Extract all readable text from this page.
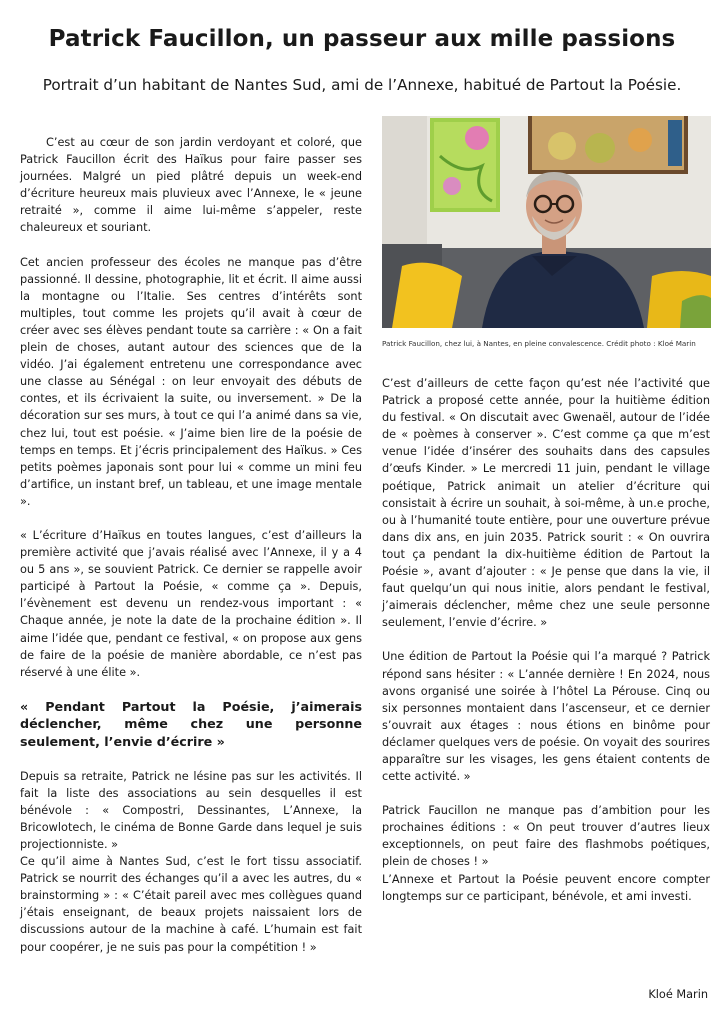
Patrick Faucillon, un passeur aux mille passions

Portrait d’un habitant de Nantes Sud, ami de l’Annexe, habitué de Partout la Poésie.

C’est au cœur de son jardin verdoyant et coloré, que Patrick Faucillon écrit des Haïkus pour faire passer ses journées. Malgré un pied plâtré depuis un week-end d’écriture heureux mais pluvieux avec l’Annexe, le « jeune retraité », comme il aime lui-même s’appeler, reste chaleureux et souriant.

Cet ancien professeur des écoles ne manque pas d’être passionné. Il dessine, photographie, lit et écrit. Il aime aussi la montagne ou l’Italie. Ses centres d’intérêts sont multiples, tout comme les projets qu’il avait à cœur de créer avec ses élèves pendant toute sa carrière : « On a fait plein de choses, autant autour des sciences que de la vidéo. J’ai également entretenu une correspondance avec une classe au Sénégal : on leur envoyait des débuts de contes, et ils écrivaient la suite, ou inversement. » De la décoration sur ses murs, à tout ce qui l’a animé dans sa vie, chez lui, tout est poésie. « J’aime bien lire de la poésie de temps en temps. Et j’écris principalement des Haïkus. » Ces petits poèmes japonais sont pour lui « comme un mini feu d’artifice, un instant bref, un tableau, et une image mentale ».

« L’écriture d’Haïkus en toutes langues, c’est d’ailleurs la première activité que j’avais réalisé avec l’Annexe, il y a 4 ou 5 ans », se souvient Patrick. Ce dernier se rappelle avoir participé à Partout la Poésie, « comme ça ». Depuis, l’évènement est devenu un rendez-vous important : « Chaque année, je note la date de la prochaine édition ». Il aime l’idée que, pendant ce festival, « on propose aux gens de faire de la poésie de manière abordable, ce n’est pas réservé à une élite ».

« Pendant Partout la Poésie, j’aimerais déclencher, même chez une personne seulement, l’envie d’écrire »

Depuis sa retraite, Patrick ne lésine pas sur les activités. Il fait la liste des associations au sein desquelles il est bénévole : « Compostri, Dessinantes, L’Annexe, la Bricowlotech, le cinéma de Bonne Garde dans lequel je suis projectionniste. »

Ce qu’il aime à Nantes Sud, c’est le fort tissu associatif. Patrick se nourrit des échanges qu’il a avec les autres, du « brainstorming » : « C’était pareil avec mes collègues quand j’étais enseignant, de beaux projets naissaient lors de discussions autour de la machine à café. L’humain est fait pour coopérer, je ne suis pas pour la compétition ! »

Patrick Faucillon, chez lui, à Nantes, en pleine convalescence. Crédit photo : Kloé Marin

C’est d’ailleurs de cette façon qu’est née l’activité que Patrick a proposé cette année, pour la huitième édition du festival. « On discutait avec Gwenaël, autour de l’idée de « poèmes à conserver ». C’est comme ça que m’est venue l’idée d’insérer des souhaits dans des capsules d’œufs Kinder. » Le mercredi 11 juin, pendant le village poétique, Patrick animait un atelier d’écriture qui consistait à écrire un souhait, à soi-même, à un.e proche, ou à l’humanité toute entière, pour une ouverture prévue dans dix ans, en juin 2035. Patrick sourit : « On ouvrira tout ça pendant la dix-huitième édition de Partout la Poésie », avant d’ajouter : « Je pense que dans la vie, il faut quelqu’un qui nous initie, alors pendant le festival, j’aimerais déclencher, même chez une seule personne seulement, l’envie d’écrire. »

Une édition de Partout la Poésie qui l’a marqué ? Patrick répond sans hésiter : « L’année dernière ! En 2024, nous avons organisé une soirée à l’hôtel La Pérouse. Cinq ou six personnes montaient dans l’ascenseur, et ce dernier s’ouvrait aux étages : nous étions en binôme pour déclamer quelques vers de poésie. On voyait des sourires apparaître sur les visages, les gens étaient contents de cette activité. »

Patrick Faucillon ne manque pas d’ambition pour les prochaines éditions : « On peut trouver d’autres lieux exceptionnels, on peut faire des flashmobs poétiques, plein de choses ! »

L’Annexe et Partout la Poésie peuvent encore compter longtemps sur ce participant, bénévole, et ami investi.

Kloé Marin
